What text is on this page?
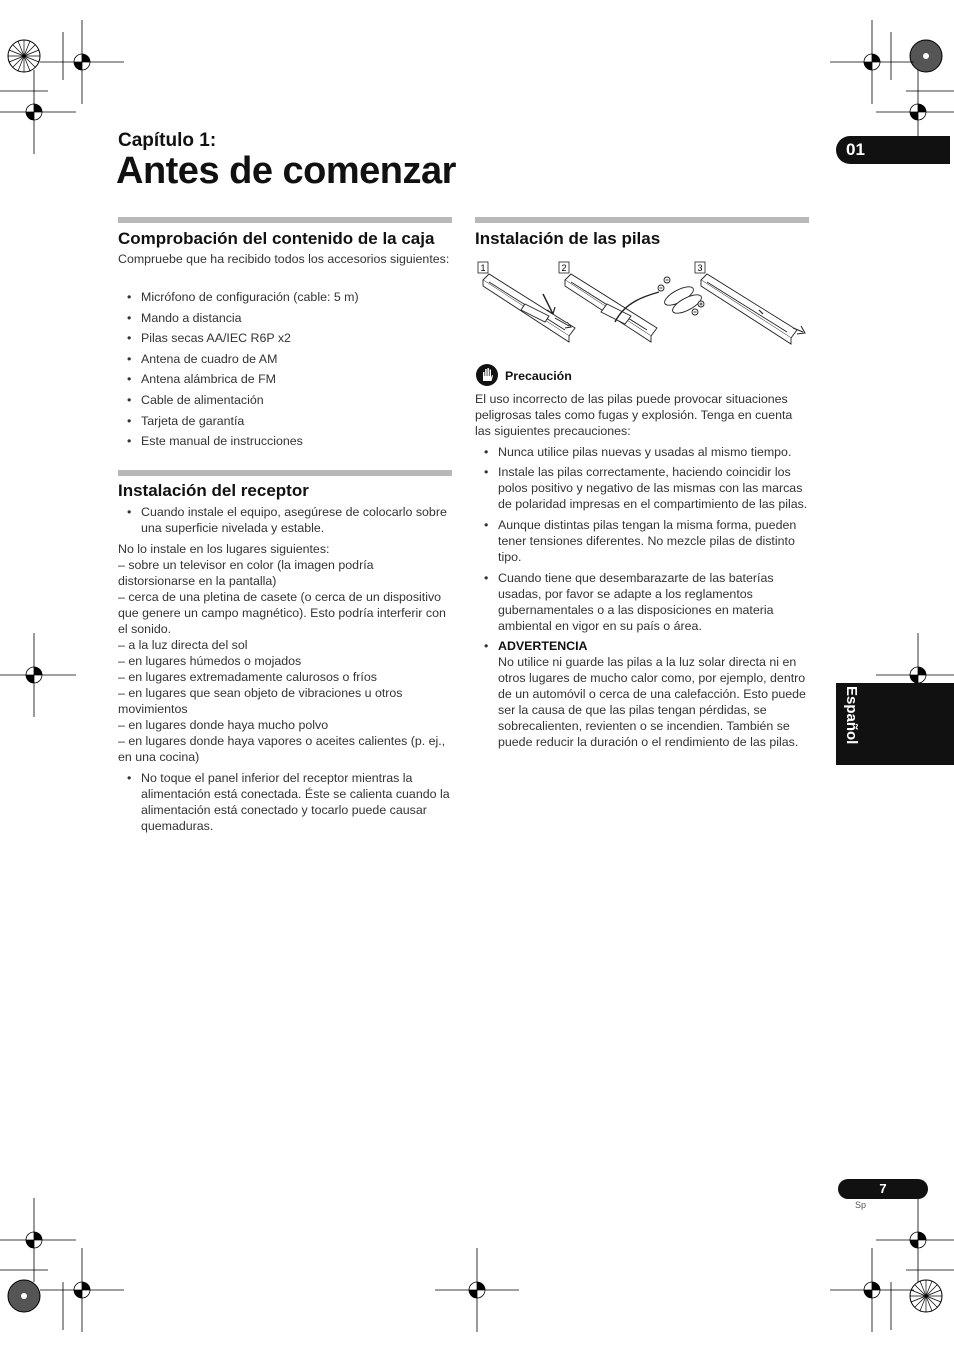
Capítulo 1:
Antes de comenzar
01
Español
Comprobación del contenido de la caja
Compruebe que ha recibido todos los accesorios siguientes:
• Micrófono de configuración (cable: 5 m)
• Mando a distancia
• Pilas secas AA/IEC R6P x2
• Antena de cuadro de AM
• Antena alámbrica de FM
• Cable de alimentación
• Tarjeta de garantía
• Este manual de instrucciones
Instalación del receptor
• Cuando instale el equipo, asegúrese de colocarlo sobre una superficie nivelada y estable.

No lo instale en los lugares siguientes:

– sobre un televisor en color (la imagen podría distorsionarse en la pantalla)

– cerca de una pletina de casete (o cerca de un dispositivo que genere un campo magnético). Esto podría interferir con el sonido.

– a la luz directa del sol

– en lugares húmedos o mojados

– en lugares extremadamente calurosos o fríos

– en lugares que sean objeto de vibraciones u otros movimientos

– en lugares donde haya mucho polvo

– en lugares donde haya vapores o aceites calientes (p. ej., en una cocina)

• No toque el panel inferior del receptor mientras la alimentación está conectada. Éste se calienta cuando la alimentación está conectado y tocarlo puede causar quemaduras.
Instalación de las pilas
1	2	3
Precaución
El uso incorrecto de las pilas puede provocar situaciones peligrosas tales como fugas y explosión. Tenga en cuenta las siguientes precauciones:
• Nunca utilice pilas nuevas y usadas al mismo tiempo.
• Instale las pilas correctamente, haciendo coincidir los polos positivo y negativo de las mismas con las marcas de polaridad impresas en el compartimiento de las pilas.
• Aunque distintas pilas tengan la misma forma, pueden tener tensiones diferentes. No mezcle pilas de distinto tipo.
• Cuando tiene que desembarazarte de las baterías usadas, por favor se adapte a los reglamentos gubernamentales o a las disposiciones en materia ambiental en vigor en su país o área.
• ADVERTENCIA
No utilice ni guarde las pilas a la luz solar directa ni en otros lugares de mucho calor como, por ejemplo, dentro de un automóvil o cerca de una calefacción. Esto puede ser la causa de que las pilas tengan pérdidas, se sobrecalienten, revienten o se incendien. También se puede reducir la duración o el rendimiento de las pilas.
7
Sp
